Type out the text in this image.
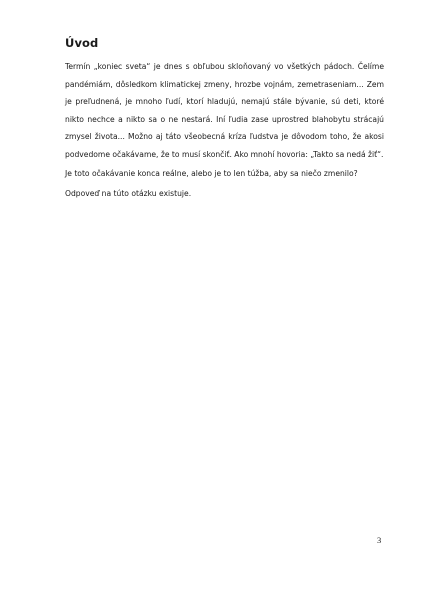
Úvod

Termín „koniec sveta“ je dnes s obľubou skloňovaný vo všetkých pádoch. Čelíme pandémiám, dôsledkom klimatickej zmeny, hrozbe vojnám, zemetraseniam... Zem je preľudnená, je mnoho ľudí, ktorí hladujú, nemajú stále bývanie, sú deti, ktoré nikto nechce a nikto sa o ne nestará. Iní ľudia zase uprostred blahobytu strácajú zmysel života... Možno aj táto všeobecná kríza ľudstva je dôvodom toho, že akosi podvedome očakávame, že to musí skončiť. Ako mnohí hovoria: „Takto sa nedá žiť“.

Je toto očakávanie konca reálne, alebo je to len túžba, aby sa niečo zmenilo?

Odpoveď na túto otázku existuje.

3
